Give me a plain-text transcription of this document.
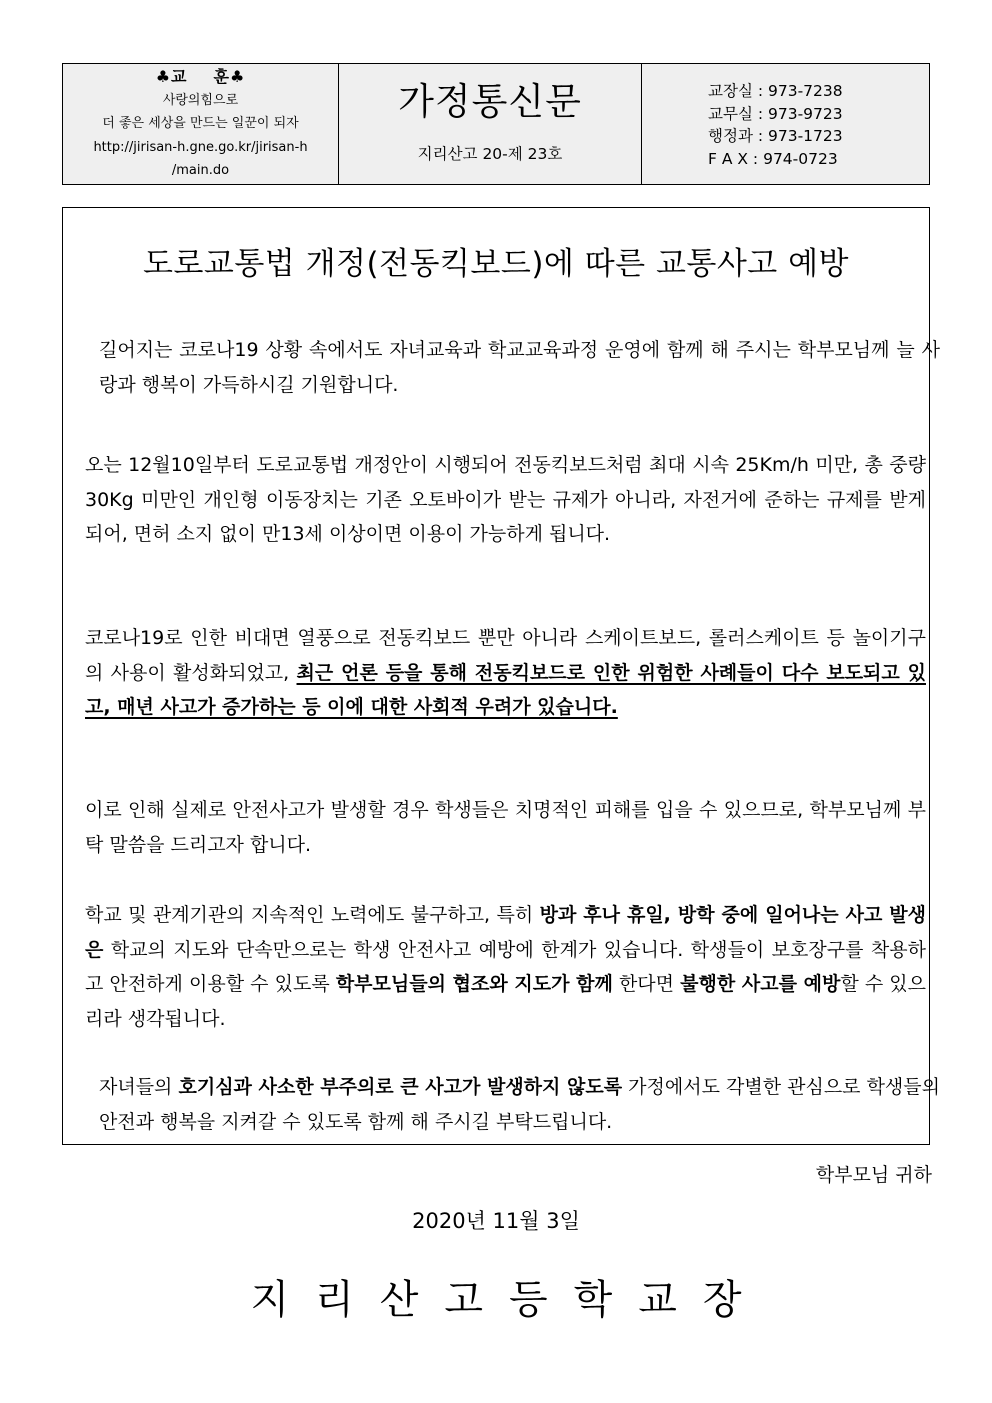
♣교 훈♣
사랑의힘으로
더 좋은 세상을 만드는 일꾼이 되자
http://jirisan-h.gne.go.kr/jirisan-h
/main.do
가정통신문
지리산고 20-제 23호
교장실 : 973-7238
교무실 : 973-9723
행정과 : 973-1723
F A X : 974-0723
도로교통법 개정(전동킥보드)에 따른 교통사고 예방
길어지는 코로나19 상황 속에서도 자녀교육과 학교교육과정 운영에 함께 해 주시는 학부모님께 늘 사랑과 행복이 가득하시길 기원합니다.
오는 12월10일부터 도로교통법 개정안이 시행되어 전동킥보드처럼 최대 시속 25Km/h 미만, 총 중량 30Kg 미만인 개인형 이동장치는 기존 오토바이가 받는 규제가 아니라, 자전거에 준하는 규제를 받게 되어, 면허 소지 없이 만13세 이상이면 이용이 가능하게 됩니다.
코로나19로 인한 비대면 열풍으로 전동킥보드 뿐만 아니라 스케이트보드, 롤러스케이트 등 놀이기구의 사용이 활성화되었고, 최근 언론 등을 통해 전동킥보드로 인한 위험한 사례들이 다수 보도되고 있고, 매년 사고가 증가하는 등 이에 대한 사회적 우려가 있습니다.
이로 인해 실제로 안전사고가 발생할 경우 학생들은 치명적인 피해를 입을 수 있으므로, 학부모님께 부탁 말씀을 드리고자 합니다.
학교 및 관계기관의 지속적인 노력에도 불구하고, 특히 방과 후나 휴일, 방학 중에 일어나는 사고 발생은 학교의 지도와 단속만으로는 학생 안전사고 예방에 한계가 있습니다. 학생들이 보호장구를 착용하고 안전하게 이용할 수 있도록 학부모님들의 협조와 지도가 함께 한다면 불행한 사고를 예방할 수 있으리라 생각됩니다.
자녀들의 호기심과 사소한 부주의로 큰 사고가 발생하지 않도록 가정에서도 각별한 관심으로 학생들의 안전과 행복을 지켜갈 수 있도록 함께 해 주시길 부탁드립니다.
학부모님 귀하
2020년 11월 3일
지리산고등학교장
